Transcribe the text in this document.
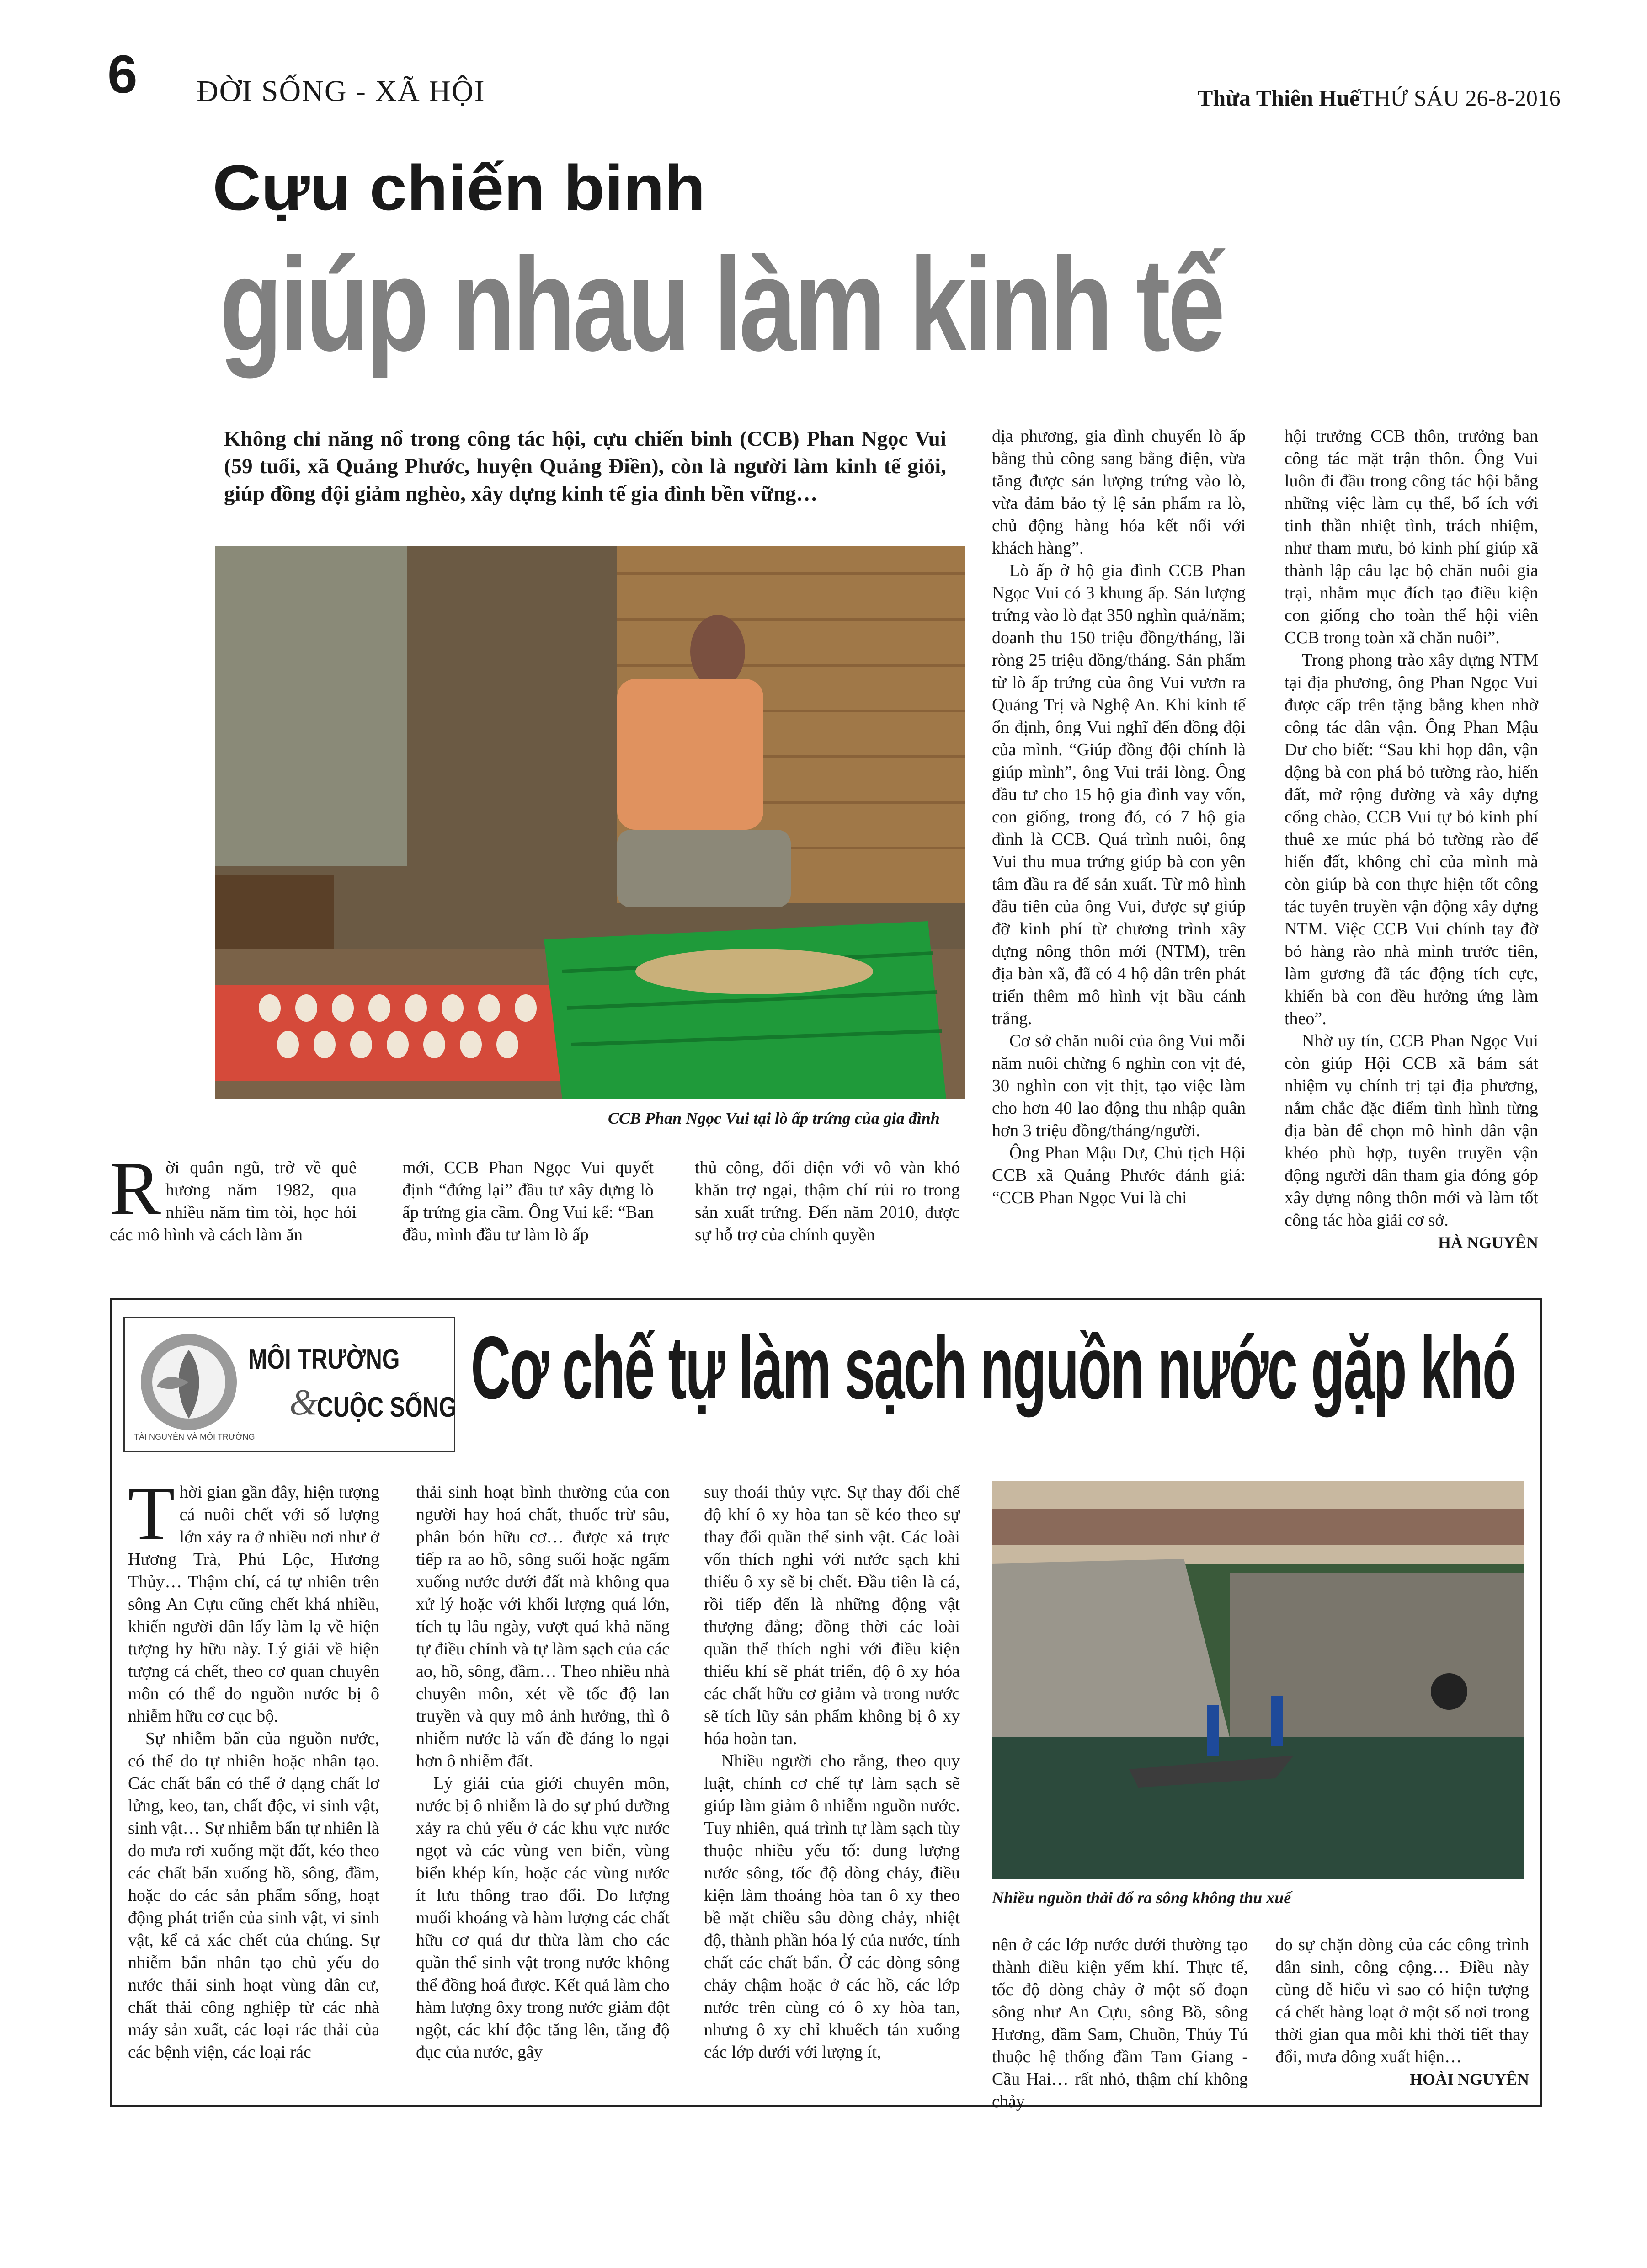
6 ĐỜI SỐNG - XÃ HỘI	Thừa Thiên Huế THỨ SÁU 26-8-2016
Cựu chiến binh
giúp nhau làm kinh tế
Không chỉ năng nổ trong công tác hội, cựu chiến binh (CCB) Phan Ngọc Vui (59 tuổi, xã Quảng Phước, huyện Quảng Điền), còn là người làm kinh tế giỏi, giúp đồng đội giảm nghèo, xây dựng kinh tế gia đình bền vững…
CCB Phan Ngọc Vui tại lò ấp trứng của gia đình
Rời quân ngũ, trở về quê hương năm 1982, qua nhiều năm tìm tòi, học hỏi các mô hình và cách làm ăn
mới, CCB Phan Ngọc Vui quyết định “đứng lại” đầu tư xây dựng lò ấp trứng gia cầm. Ông Vui kể: “Ban đầu, mình đầu tư làm lò ấp
thủ công, đối diện với vô vàn khó khăn trợ ngại, thậm chí rủi ro trong sản xuất trứng. Đến năm 2010, được sự hỗ trợ của chính quyền

địa phương, gia đình chuyển lò ấp bằng thủ công sang bằng điện, vừa tăng được sản lượng trứng vào lò, vừa đảm bảo tỷ lệ sản phẩm ra lò, chủ động hàng hóa kết nối với khách hàng”.

Lò ấp ở hộ gia đình CCB Phan Ngọc Vui có 3 khung ấp. Sản lượng trứng vào lò đạt 350 nghìn quả/năm; doanh thu 150 triệu đồng/tháng, lãi ròng 25 triệu đồng/tháng. Sản phẩm từ lò ấp trứng của ông Vui vươn ra Quảng Trị và Nghệ An. Khi kinh tế ổn định, ông Vui nghĩ đến đồng đội của mình. “Giúp đồng đội chính là giúp mình”, ông Vui trải lòng. Ông đầu tư cho 15 hộ gia đình vay vốn, con giống, trong đó, có 7 hộ gia đình là CCB. Quá trình nuôi, ông Vui thu mua trứng giúp bà con yên tâm đầu ra để sản xuất. Từ mô hình đầu tiên của ông Vui, được sự giúp đỡ kinh phí từ chương trình xây dựng nông thôn mới (NTM), trên địa bàn xã, đã có 4 hộ dân trên phát triển thêm mô hình vịt bầu cánh trắng.

Cơ sở chăn nuôi của ông Vui mỗi năm nuôi chừng 6 nghìn con vịt đẻ, 30 nghìn con vịt thịt, tạo việc làm cho hơn 40 lao động thu nhập quân hơn 3 triệu đồng/tháng/người.

Ông Phan Mậu Dư, Chủ tịch Hội CCB xã Quảng Phước đánh giá: “CCB Phan Ngọc Vui là chi

hội trưởng CCB thôn, trưởng ban công tác mặt trận thôn. Ông Vui luôn đi đầu trong công tác hội bằng những việc làm cụ thể, bổ ích với tinh thần nhiệt tình, trách nhiệm, như tham mưu, bỏ kinh phí giúp xã thành lập câu lạc bộ chăn nuôi gia trại, nhằm mục đích tạo điều kiện con giống cho toàn thể hội viên CCB trong toàn xã chăn nuôi”.

Trong phong trào xây dựng NTM tại địa phương, ông Phan Ngọc Vui được cấp trên tặng bằng khen nhờ công tác dân vận. Ông Phan Mậu Dư cho biết: “Sau khi họp dân, vận động bà con phá bỏ tường rào, hiến đất, mở rộng đường và xây dựng cổng chào, CCB Vui tự bỏ kinh phí thuê xe múc phá bỏ tường rào để hiến đất, không chỉ của mình mà còn giúp bà con thực hiện tốt công tác tuyên truyền vận động xây dựng NTM. Việc CCB Vui chính tay đờ bỏ hàng rào nhà mình trước tiên, làm gương đã tác động tích cực, khiến bà con đều hưởng ứng làm theo”.

Nhờ uy tín, CCB Phan Ngọc Vui còn giúp Hội CCB xã bám sát nhiệm vụ chính trị tại địa phương, nắm chắc đặc điểm tình hình từng địa bàn để chọn mô hình dân vận khéo phù hợp, tuyên truyền vận động người dân tham gia đóng góp xây dựng nông thôn mới và làm tốt công tác hòa giải cơ sở.

HÀ NGUYÊN
TÀI NGUYÊN VÀ MÔI TRƯỜNG
MÔI TRƯỜNG
&
CUỘC SỐNG Cơ chế tự làm sạch nguồn nước gặp khó

Thời gian gần đây, hiện tượng cá nuôi chết với số lượng lớn xảy ra ở nhiều nơi như ở Hương Trà, Phú Lộc, Hương Thủy… Thậm chí, cá tự nhiên trên sông An Cựu cũng chết khá nhiều, khiến người dân lấy làm lạ về hiện tượng hy hữu này. Lý giải về hiện tượng cá chết, theo cơ quan chuyên môn có thể do nguồn nước bị ô nhiễm hữu cơ cục bộ.

Sự nhiễm bẩn của nguồn nước, có thể do tự nhiên hoặc nhân tạo. Các chất bẩn có thể ở dạng chất lơ lửng, keo, tan, chất độc, vi sinh vật, sinh vật… Sự nhiễm bẩn tự nhiên là do mưa rơi xuống mặt đất, kéo theo các chất bẩn xuống hồ, sông, đầm, hoặc do các sản phẩm sống, hoạt động phát triển của sinh vật, vi sinh vật, kể cả xác chết của chúng. Sự nhiễm bẩn nhân tạo chủ yếu do nước thải sinh hoạt vùng dân cư, chất thải công nghiệp từ các nhà máy sản xuất, các loại rác thải của các bệnh viện, các loại rác

thải sinh hoạt bình thường của con người hay hoá chất, thuốc trừ sâu, phân bón hữu cơ… được xả trực tiếp ra ao hồ, sông suối hoặc ngấm xuống nước dưới đất mà không qua xử lý hoặc với khối lượng quá lớn, tích tụ lâu ngày, vượt quá khả năng tự điều chỉnh và tự làm sạch của các ao, hồ, sông, đầm… Theo nhiều nhà chuyên môn, xét về tốc độ lan truyền và quy mô ảnh hưởng, thì ô nhiễm nước là vấn đề đáng lo ngại hơn ô nhiễm đất.

Lý giải của giới chuyên môn, nước bị ô nhiễm là do sự phú dưỡng xảy ra chủ yếu ở các khu vực nước ngọt và các vùng ven biển, vùng biển khép kín, hoặc các vùng nước ít lưu thông trao đổi. Do lượng muối khoáng và hàm lượng các chất hữu cơ quá dư thừa làm cho các quần thể sinh vật trong nước không thể đồng hoá được. Kết quả làm cho hàm lượng ôxy trong nước giảm đột ngột, các khí độc tăng lên, tăng độ đục của nước, gây

suy thoái thủy vực. Sự thay đổi chế độ khí ô xy hòa tan sẽ kéo theo sự thay đổi quần thể sinh vật. Các loài vốn thích nghi với nước sạch khi thiếu ô xy sẽ bị chết. Đầu tiên là cá, rồi tiếp đến là những động vật thượng đẳng; đồng thời các loài quần thể thích nghi với điều kiện thiếu khí sẽ phát triển, độ ô xy hóa các chất hữu cơ giảm và trong nước sẽ tích lũy sản phẩm không bị ô xy hóa hoàn tan.

Nhiều người cho rằng, theo quy luật, chính cơ chế tự làm sạch sẽ giúp làm giảm ô nhiễm nguồn nước. Tuy nhiên, quá trình tự làm sạch tùy thuộc nhiều yếu tố: dung lượng nước sông, tốc độ dòng chảy, điều kiện làm thoáng hòa tan ô xy theo bề mặt chiều sâu dòng chảy, nhiệt độ, thành phần hóa lý của nước, tính chất các chất bẩn. Ở các dòng sông chảy chậm hoặc ở các hồ, các lớp nước trên cùng có ô xy hòa tan, nhưng ô xy chỉ khuếch tán xuống các lớp dưới với lượng ít,

Nhiều nguồn thải đổ ra sông không thu xuế
nên ở các lớp nước dưới thường tạo thành điều kiện yếm khí. Thực tế, tốc độ dòng chảy ở một số đoạn sông như An Cựu, sông Bồ, sông Hương, đầm Sam, Chuồn, Thủy Tú thuộc hệ thống đầm Tam Giang - Cầu Hai… rất nhỏ, thậm chí không chảy

do sự chặn dòng của các công trình dân sinh, công cộng… Điều này cũng dễ hiểu vì sao có hiện tượng cá chết hàng loạt ở một số nơi trong thời gian qua mỗi khi thời tiết thay đổi, mưa dông xuất hiện…

HOÀI NGUYÊN
